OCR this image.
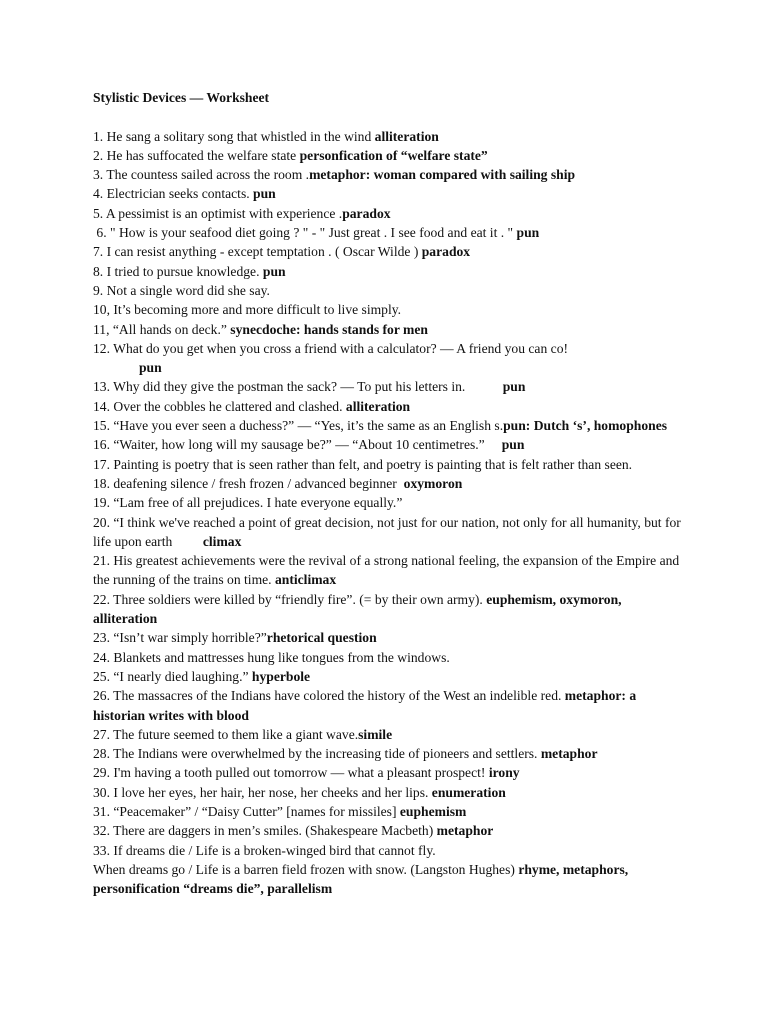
Stylistic Devices — Worksheet
1. He sang a solitary song that whistled in the wind alliteration
2. He has suffocated the welfare state personfication of “welfare state”
3. The countess sailed across the room .metaphor: woman compared with sailing ship
4. Electrician seeks contacts. pun
5. A pessimist is an optimist with experience .paradox
6. " How is your seafood diet going ? " - " Just great . I see food and eat it . " pun
7. I can resist anything - except temptation . ( Oscar Wilde ) paradox
8. I tried to pursue knowledge. pun
9. Not a single word did she say.
10, It’s becoming more and more difficult to live simply.
11, “All hands on deck.” synecdoche: hands stands for men
12. What do you get when you cross a friend with a calculator? — A friend you can co!
pun
13. Why did they give the postman the sack? — To put his letters in.           pun
14. Over the cobbles he clattered and clashed. alliteration
15. “Have you ever seen a duchess?” — “Yes, it’s the same as an English s.pun: Dutch ‘s’, homophones
16. “Waiter, how long will my sausage be?” — “About 10 centimetres.”     pun
17. Painting is poetry that is seen rather than felt, and poetry is painting that is felt rather than seen.
18. deafening silence / fresh frozen / advanced beginner  oxymoron
19. “Lam free of all prejudices. I hate everyone equally.”
20. “I think we've reached a point of great decision, not just for our nation, not only for all humanity, but for life upon earth         climax
21. His greatest achievements were the revival of a strong national feeling, the expansion of the Empire and the running of the trains on time. anticlimax
22. Three soldiers were killed by “friendly fire”. (= by their own army). euphemism, oxymoron, alliteration
23. “Isn’t war simply horrible?”rhetorical question
24. Blankets and mattresses hung like tongues from the windows.
25. “I nearly died laughing.” hyperbole
26. The massacres of the Indians have colored the history of the West an indelible red. metaphor: a historian writes with blood
27. The future seemed to them like a giant wave.simile
28. The Indians were overwhelmed by the increasing tide of pioneers and settlers. metaphor
29. I'm having a tooth pulled out tomorrow — what a pleasant prospect! irony
30. I love her eyes, her hair, her nose, her cheeks and her lips. enumeration
31. “Peacemaker” / “Daisy Cutter” [names for missiles] euphemism
32. There are daggers in men’s smiles. (Shakespeare Macbeth) metaphor
33. If dreams die / Life is a broken-winged bird that cannot fly.
When dreams go / Life is a barren field frozen with snow. (Langston Hughes) rhyme, metaphors, personification “dreams die”, parallelism
